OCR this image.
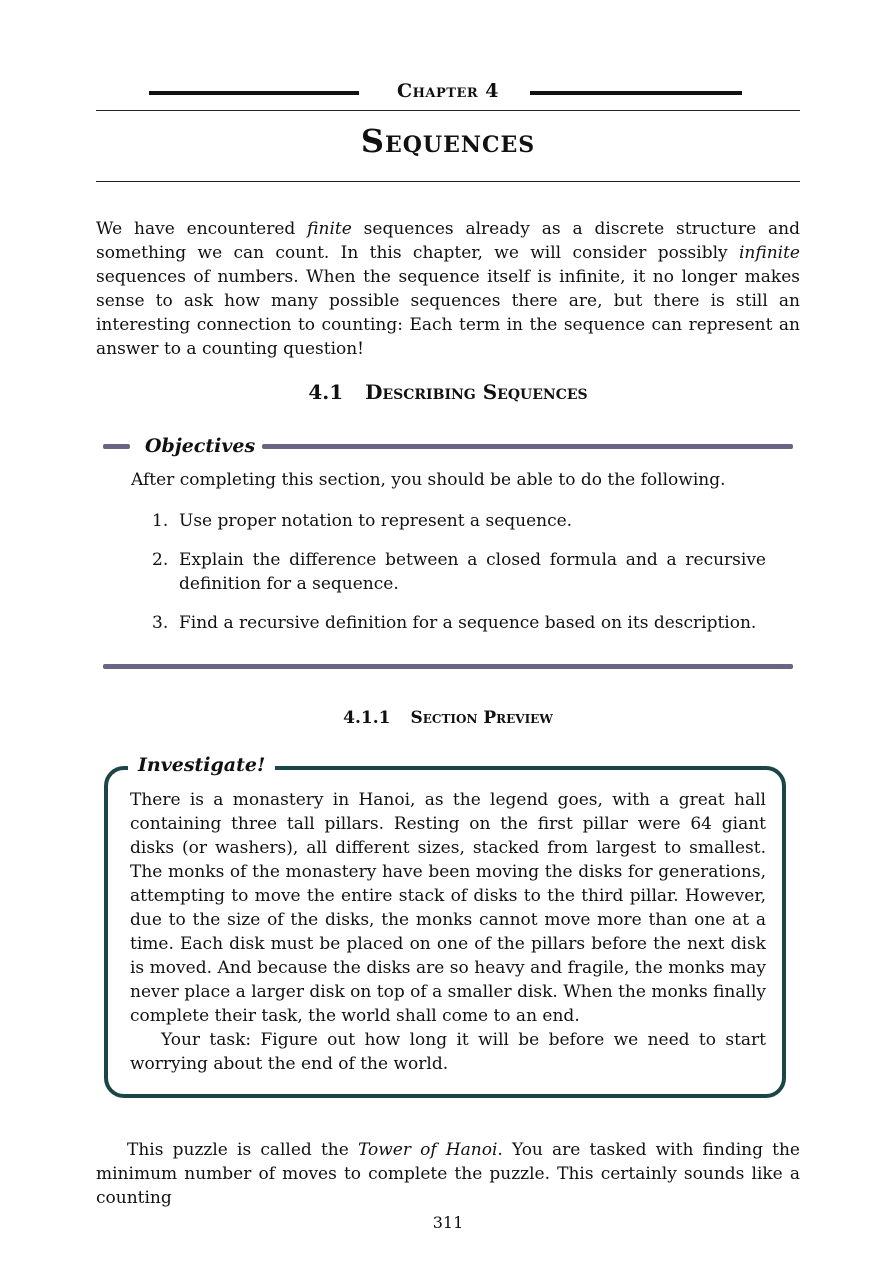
Chapter 4
Sequences

We have encountered finite sequences already as a discrete structure and something we can count. In this chapter, we will consider possibly infinite sequences of numbers. When the sequence itself is infinite, it no longer makes sense to ask how many possible sequences there are, but there is still an interesting connection to counting: Each term in the sequence can represent an answer to a counting question!

4.1 Describing Sequences
Objectives
After completing this section, you should be able to do the following.
1. Use proper notation to represent a sequence.
2. Explain the difference between a closed formula and a recursive definition for a sequence.
3. Find a recursive definition for a sequence based on its description.
4.1.1 Section Preview
Investigate!

There is a monastery in Hanoi, as the legend goes, with a great hall containing three tall pillars. Resting on the first pillar were 64 giant disks (or washers), all different sizes, stacked from largest to smallest. The monks of the monastery have been moving the disks for generations, attempting to move the entire stack of disks to the third pillar. However, due to the size of the disks, the monks cannot move more than one at a time. Each disk must be placed on one of the pillars before the next disk is moved. And because the disks are so heavy and fragile, the monks may never place a larger disk on top of a smaller disk. When the monks finally complete their task, the world shall come to an end.

Your task: Figure out how long it will be before we need to start worrying about the end of the world.

This puzzle is called the Tower of Hanoi. You are tasked with finding the minimum number of moves to complete the puzzle. This certainly sounds like a counting

311
